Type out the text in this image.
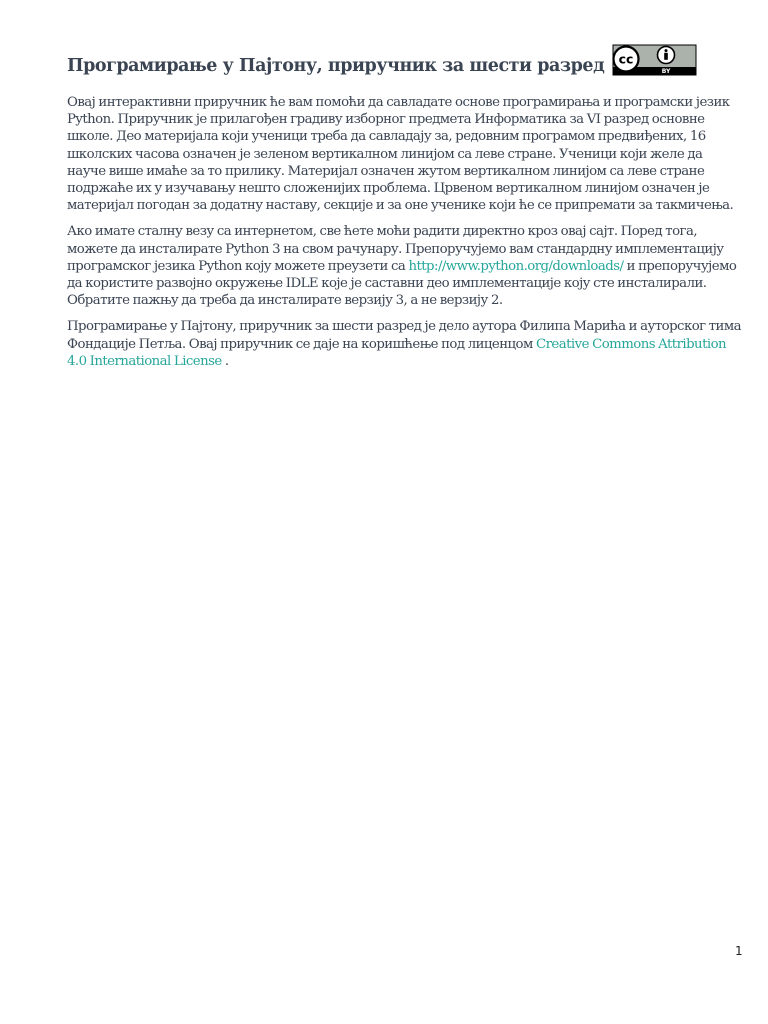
Програмирање у Пајтону, приручник за шести разред cc
BY

Овај интерактивни приручник ће вам помоћи да савладате основе програмирања и програмски језик Python. Приручник је прилагођен градиву изборног предмета Информатика за VI разред основне школе. Део материјала који ученици треба да савладају за, редовним програмом предвиђених, 16 школских часова означен је зеленом вертикалном линијом са леве стране. Ученици који желе да науче више имаће за то прилику. Материјал означен жутом вертикалном линијом са леве стране подржаће их у изучавању нешто сложенијих проблема. Црвеном вертикалном линијом означен је материјал погодан за додатну наставу, секције и за оне ученике који ће се припремати за такмичења.

Ако имате сталну везу са интернетом, све ћете моћи радити директно кроз овај сајт. Поред тога, можете да инсталирате Python 3 на свом рачунару. Препоручујемо вам стандардну имплементацију програмског језика Python коју можете преузети са http://www.python.org/downloads/ и препоручујемо да користите развојно окружење IDLE које је саставни део имплементације коју сте инсталирали. Обратите пажњу да треба да инсталирате верзију 3, а не верзију 2.

Програмирање у Пајтону, приручник за шести разред је дело аутора Филипа Марића и ауторског тима Фондације Петља. Овај приручник се даје на коришћење под лиценцом Creative Commons Attribution 4.0 International License .

1
